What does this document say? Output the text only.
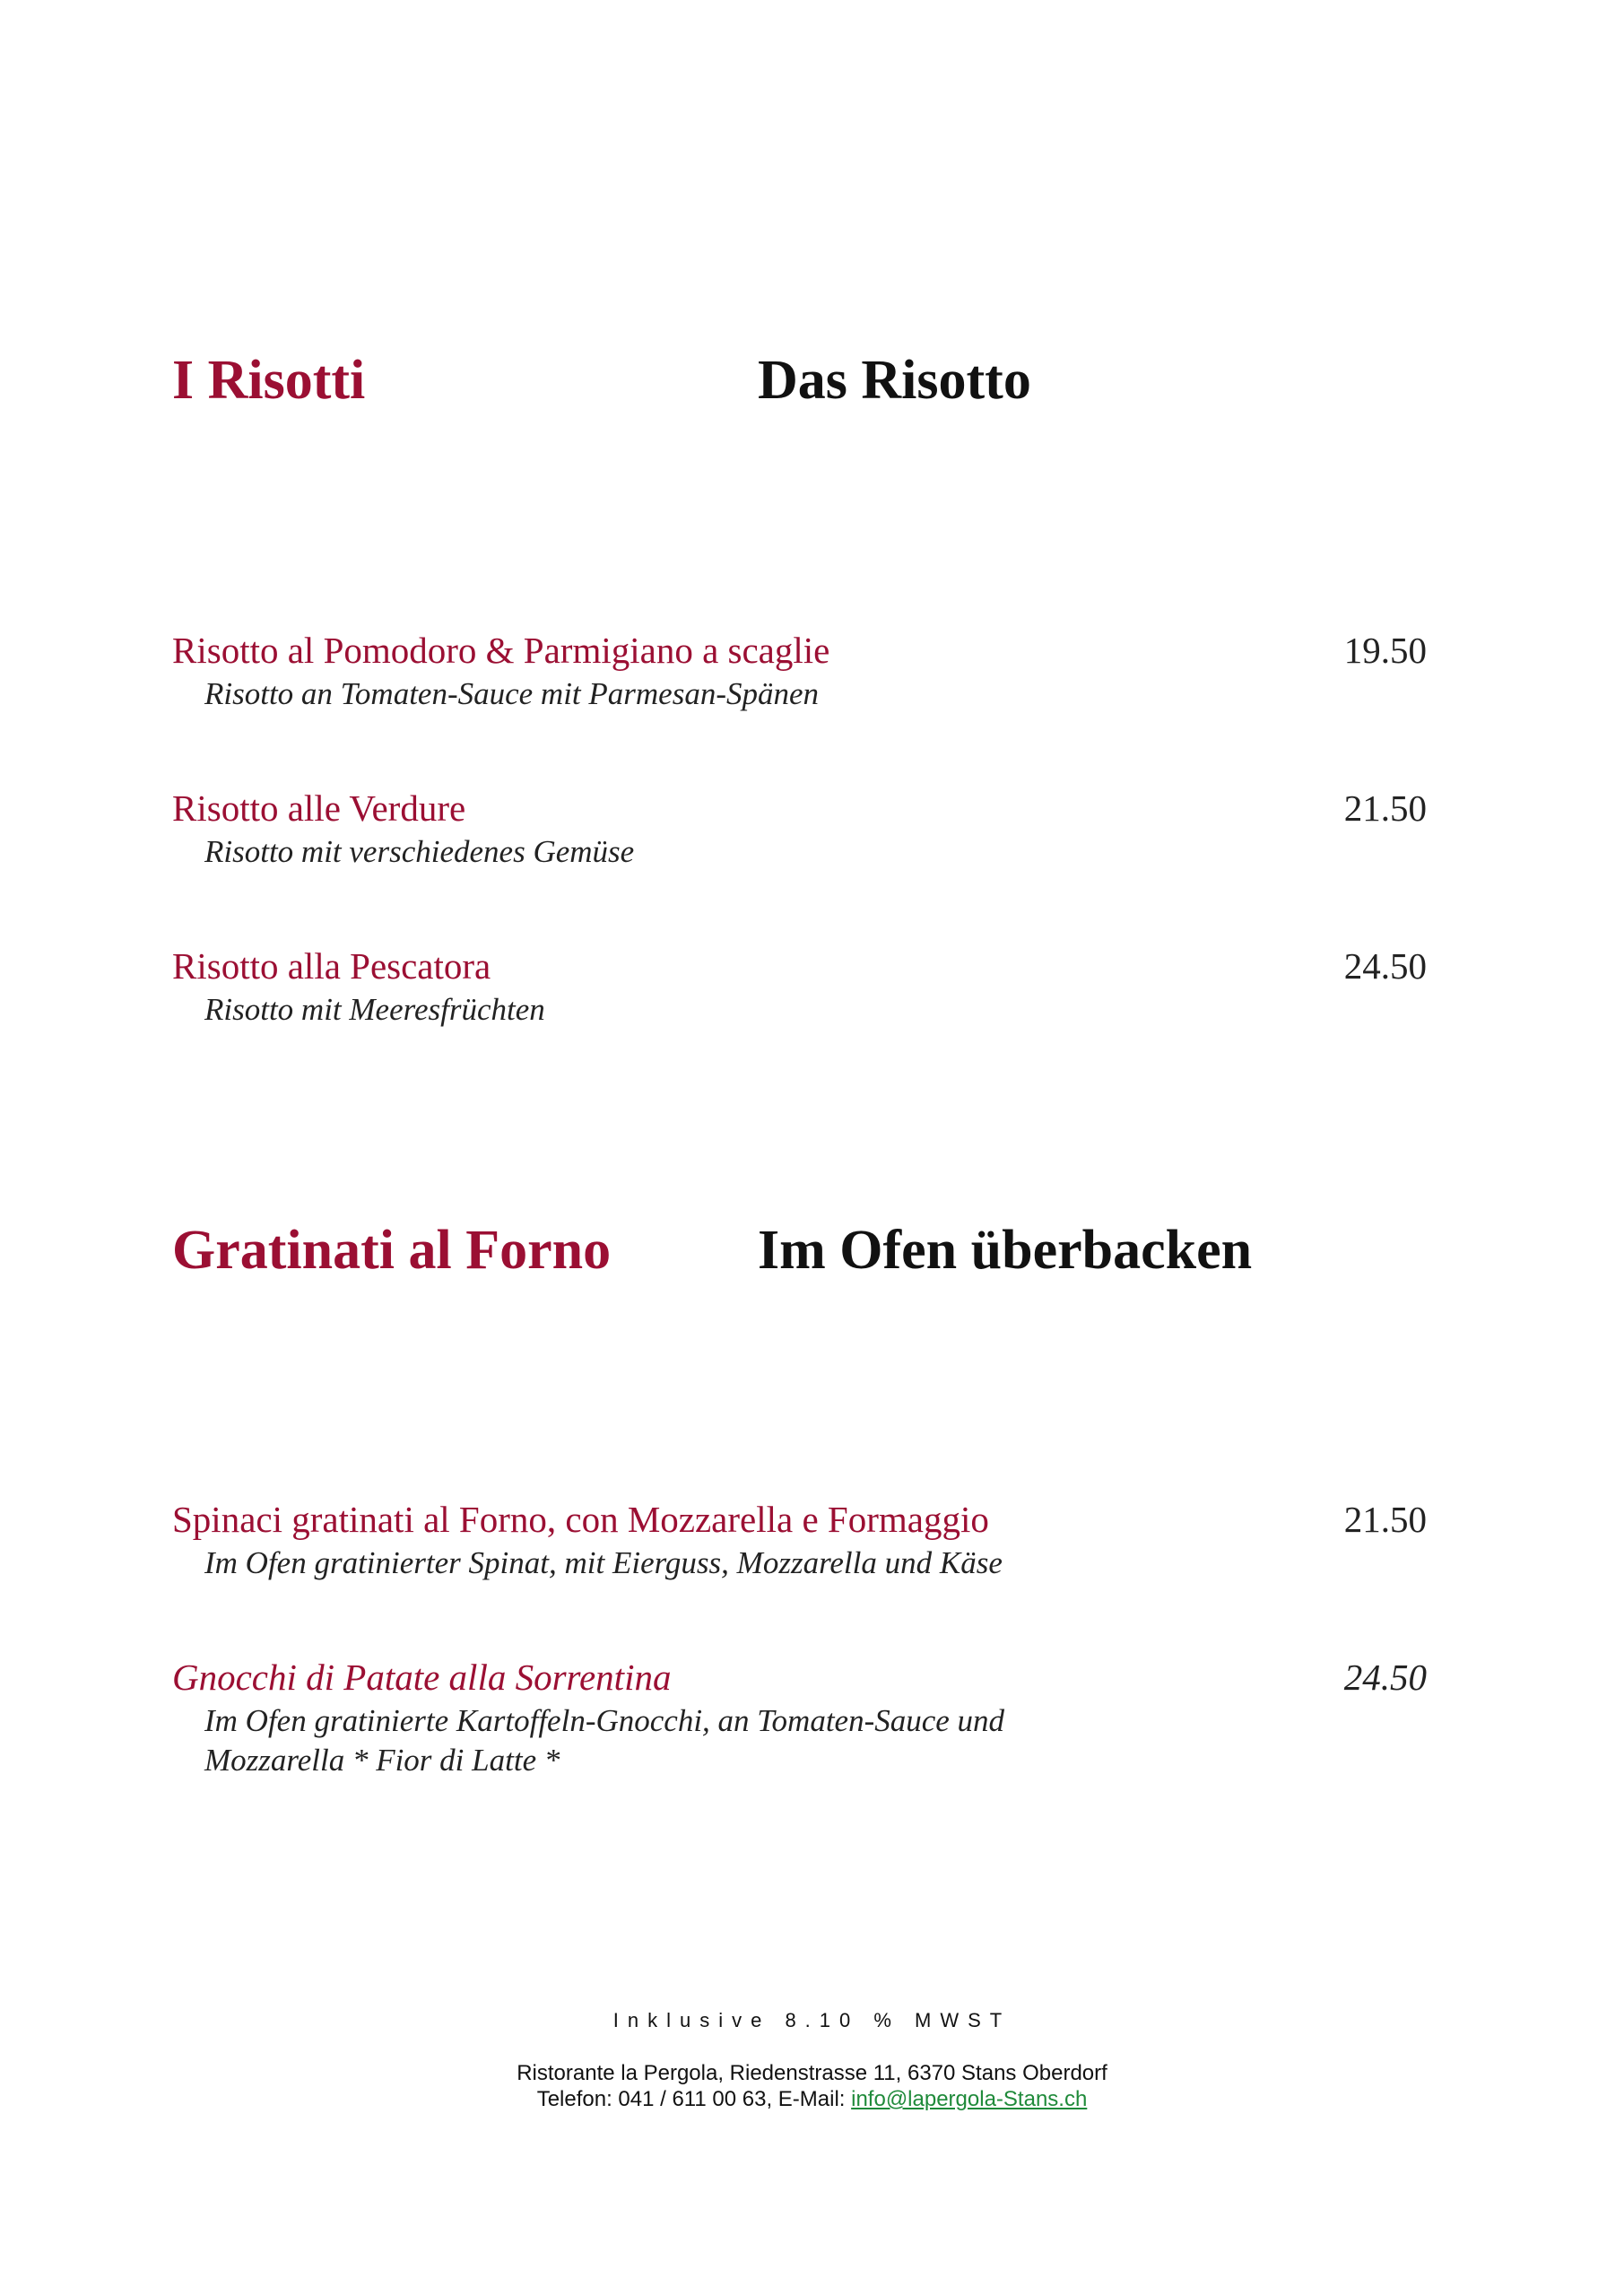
I Risotti	Das Risotto
Risotto al Pomodoro & Parmigiano a scaglie	19.50
Risotto an Tomaten-Sauce mit Parmesan-Spänen
Risotto alle Verdure	21.50
Risotto mit verschiedenes Gemüse
Risotto alla Pescatora	24.50
Risotto mit Meeresfrüchten
Gratinati al Forno	Im Ofen überbacken
Spinaci gratinati al Forno, con Mozzarella e Formaggio	21.50
Im Ofen gratinierter Spinat, mit Eierguss, Mozzarella und Käse
Gnocchi di Patate alla Sorrentina	24.50
Im Ofen gratinierte Kartoffeln-Gnocchi, an Tomaten-Sauce und
Mozzarella * Fior di Latte *
Inklusive 8.10 % MWST
Ristorante la Pergola, Riedenstrasse 11, 6370 Stans Oberdorf
Telefon: 041 / 611 00 63, E-Mail: info@lapergola-Stans.ch
